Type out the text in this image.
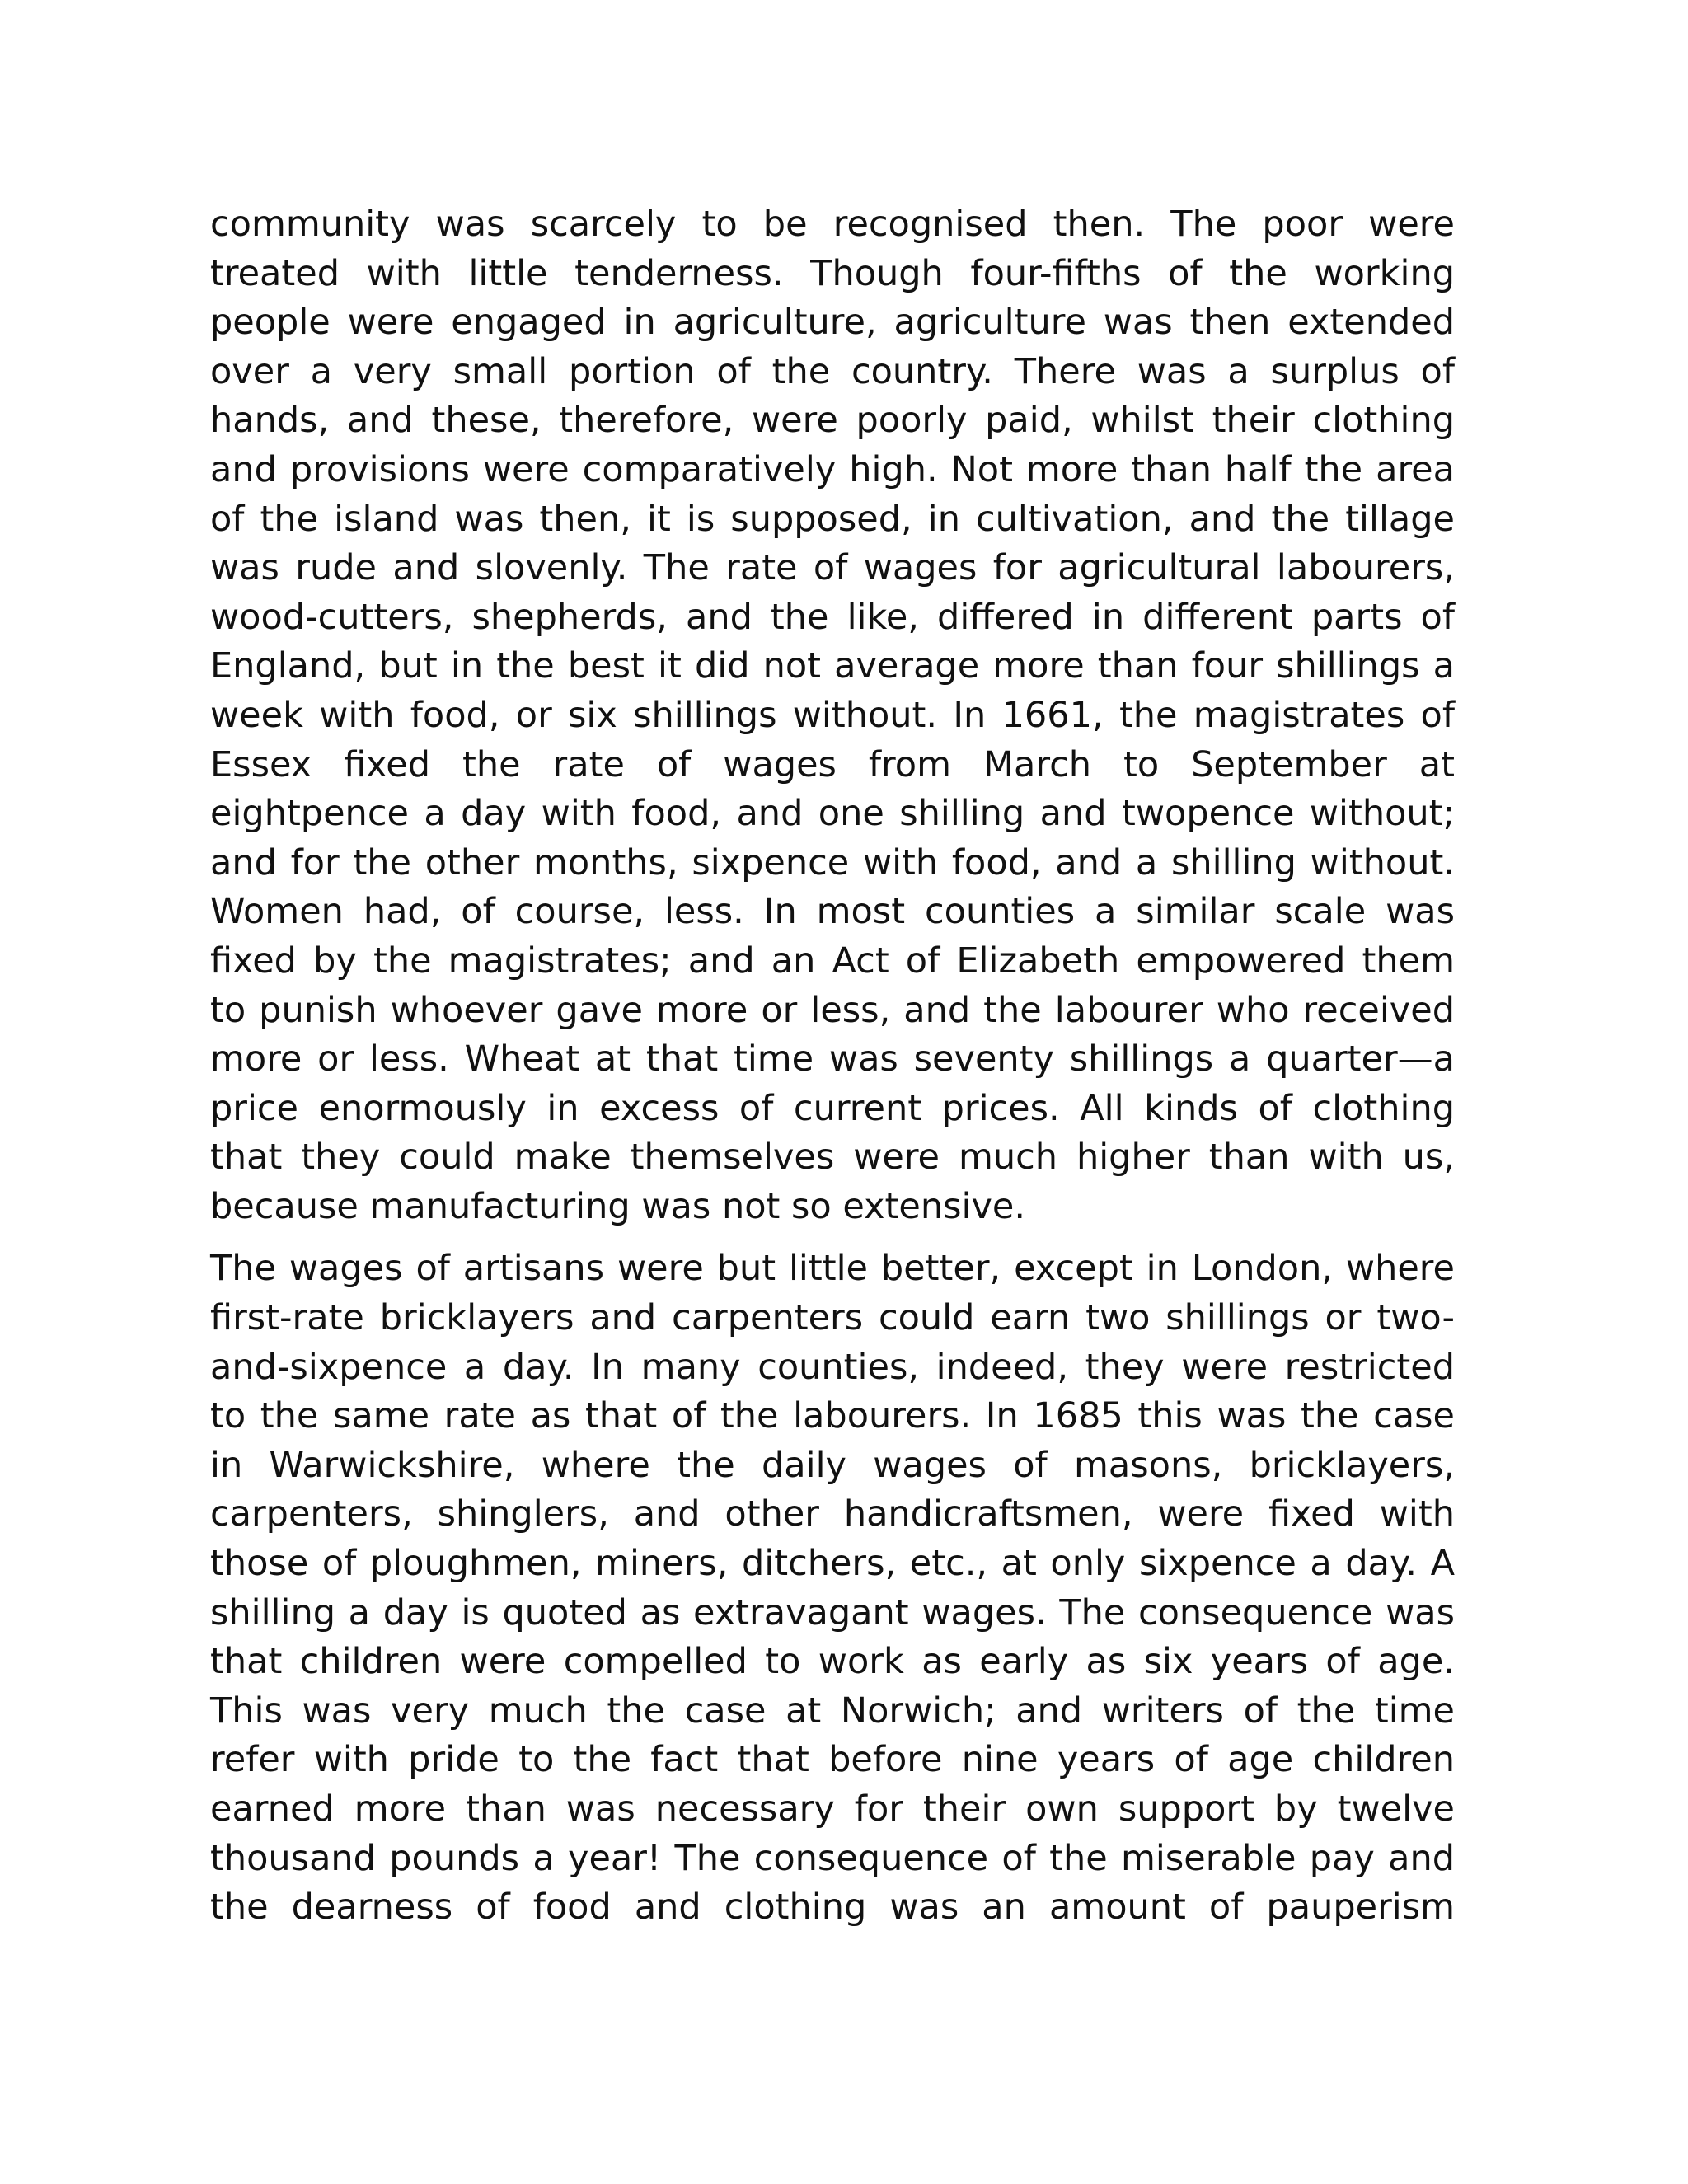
community was scarcely to be recognised then. The poor were
treated with little tenderness. Though four-fifths of the working
people were engaged in agriculture, agriculture was then extended
over a very small portion of the country. There was a surplus of
hands, and these, therefore, were poorly paid, whilst their clothing
and provisions were comparatively high. Not more than half the area
of the island was then, it is supposed, in cultivation, and the tillage
was rude and slovenly. The rate of wages for agricultural labourers,
wood-cutters, shepherds, and the like, differed in different parts of
England, but in the best it did not average more than four shillings a
week with food, or six shillings without. In 1661, the magistrates of
Essex fixed the rate of wages from March to September at
eightpence a day with food, and one shilling and twopence without;
and for the other months, sixpence with food, and a shilling without.
Women had, of course, less. In most counties a similar scale was
fixed by the magistrates; and an Act of Elizabeth empowered them
to punish whoever gave more or less, and the labourer who received
more or less. Wheat at that time was seventy shillings a quarter—a
price enormously in excess of current prices. All kinds of clothing
that they could make themselves were much higher than with us,
because manufacturing was not so extensive.

The wages of artisans were but little better, except in London, where
first-rate bricklayers and carpenters could earn two shillings or two-
and-sixpence a day. In many counties, indeed, they were restricted
to the same rate as that of the labourers. In 1685 this was the case
in Warwickshire, where the daily wages of masons, bricklayers,
carpenters, shinglers, and other handicraftsmen, were fixed with
those of ploughmen, miners, ditchers, etc., at only sixpence a day. A
shilling a day is quoted as extravagant wages. The consequence was
that children were compelled to work as early as six years of age.
This was very much the case at Norwich; and writers of the time
refer with pride to the fact that before nine years of age children
earned more than was necessary for their own support by twelve
thousand pounds a year! The consequence of the miserable pay and
the dearness of food and clothing was an amount of pauperism
